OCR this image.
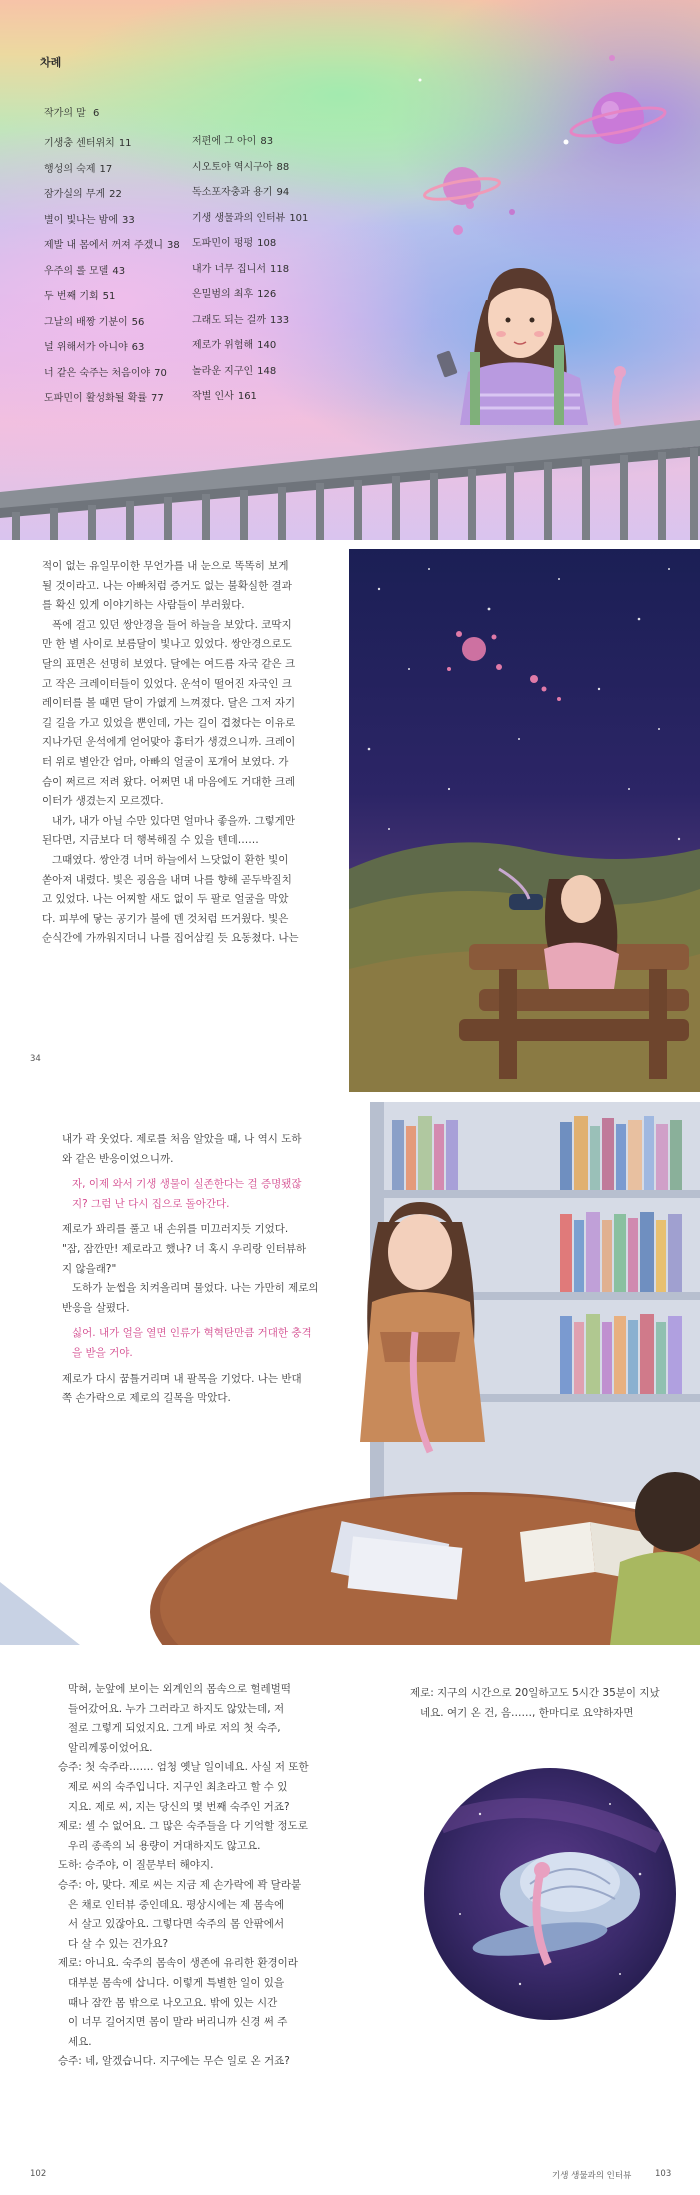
차례
작가의 말 6
기생충 센터위치 11
행성의 숙제 17
잠가실의 무게 22
별이 빛나는 밤에 33
제발 내 몸에서 꺼져 주겠니 38
우주의 롤 모델 43
두 번째 기회 51
그날의 배짱 기분이 56
널 위해서가 아니야 63
너 같은 숙주는 처음이야 70
도파민이 활성화될 확률 77
저편에 그 아이 83
시오토야 역시구아 88
독소포자충과 용기 94
기생 생물과의 인터뷰 101
도파민이 펑펑 108
내가 너무 집니서 118
은밀범의 최후 126
그래도 되는 걸까 133
제로가 위험해 140
놀라운 지구인 148
작별 인사 161
적이 없는 유일무이한 무언가를 내 눈으로 똑똑히 보게
될 것이라고. 나는 아빠처럼 증거도 없는 불확실한 결과
를 확신 있게 이야기하는 사람들이 부러웠다.
폭에 걸고 있던 쌍안경을 들어 하늘을 보았다. 코딱지
만 한 별 사이로 보름달이 빛나고 있었다. 쌍안경으로도
달의 표면은 선명히 보였다. 달에는 여드름 자국 같은 크
고 작은 크레이터들이 있었다. 운석이 떨어진 자국인 크
레이터를 볼 때면 달이 가엾게 느껴졌다. 달은 그저 자기
길 길을 가고 있었을 뿐인데, 가는 길이 겹쳤다는 이유로
지나가던 운석에게 얻어맞아 흉터가 생겼으니까. 크레이
터 위로 별안간 엄마, 아빠의 얼굴이 포개어 보였다. 가
슴이 쩌르르 저려 왔다. 어쩌면 내 마음에도 거대한 크레
이터가 생겼는지 모르겠다.
내가, 내가 아닐 수만 있다면 얼마나 좋을까. 그렇게만
된다면, 지금보다 더 행복해질 수 있을 텐데……
그때였다. 쌍안경 너머 하늘에서 느닷없이 환한 빛이
쏟아져 내렸다. 빛은 굉음을 내며 나를 향해 곧두박질치
고 있었다. 나는 어찌할 새도 없이 두 팔로 얼굴을 막았
다. 피부에 닿는 공기가 불에 덴 것처럼 뜨거웠다. 빛은
순식간에 가까워지더니 나를 집어삼킬 듯 요동쳤다. 나는
34
내가 곽 웃었다. 제로를 처음 알았을 때, 나 역시 도하
와 같은 반응이었으니까.
자, 이제 와서 기생 생물이 실존한다는 걸 증명됐잖
지? 그럼 난 다시 집으로 돌아간다.
제로가 꽈리를 풀고 내 손위를 미끄러지듯 기었다.
"잠, 잠깐만! 제로라고 했나? 너 혹시 우리랑 인터뷰하
지 않을래?"
도하가 눈썹을 치켜올리며 물었다. 나는 가만히 제로의
반응을 살폈다.
싫어. 내가 얼을 열면 인류가 혁혁탄만큼 거대한 충격
을 받을 거야.
제로가 다시 꿈틀거리며 내 팔목을 기었다. 나는 반대
쪽 손가락으로 제로의 길목을 막았다.
막혀, 눈앞에 보이는 외계인의 몸속으로 헐레벌떡
들어갔어요. 누가 그러라고 하지도 않았는데, 저
절로 그렇게 되었지요. 그게 바로 저의 첫 숙주,
알리께롱이었어요.
승주: 첫 숙주라……. 엄청 옛날 일이네요. 사실 저 또한
제로 씨의 숙주입니다. 지구인 최초라고 할 수 있
지요. 제로 씨, 지는 당신의 몇 번째 숙주인 거죠?
제로: 셀 수 없어요. 그 많은 숙주들을 다 기억할 정도로
우리 종족의 뇌 용량이 거대하지도 않고요.
도하: 승주야, 이 질문부터 해야지.
승주: 아, 맞다. 제로 씨는 지금 제 손가락에 꽉 달라붙
은 채로 인터뷰 중인데요. 평상시에는 제 몸속에
서 살고 있잖아요. 그렇다면 숙주의 몸 안팎에서
다 살 수 있는 건가요?
제로: 아니요. 숙주의 몸속이 생존에 유리한 환경이라
대부분 몸속에 삽니다. 이렇게 특별한 일이 있을
때나 잠깐 몸 밖으로 나오고요. 밖에 있는 시간
이 너무 길어지면 몸이 말라 버리니까 신경 써 주
세요.
승주: 네, 알겠습니다. 지구에는 무슨 일로 온 거죠?
제로: 지구의 시간으로 20일하고도 5시간 35분이 지났
네요. 여기 온 건, 음……, 한마디로 요약하자면
102	기생 생물과의 인터뷰	103
